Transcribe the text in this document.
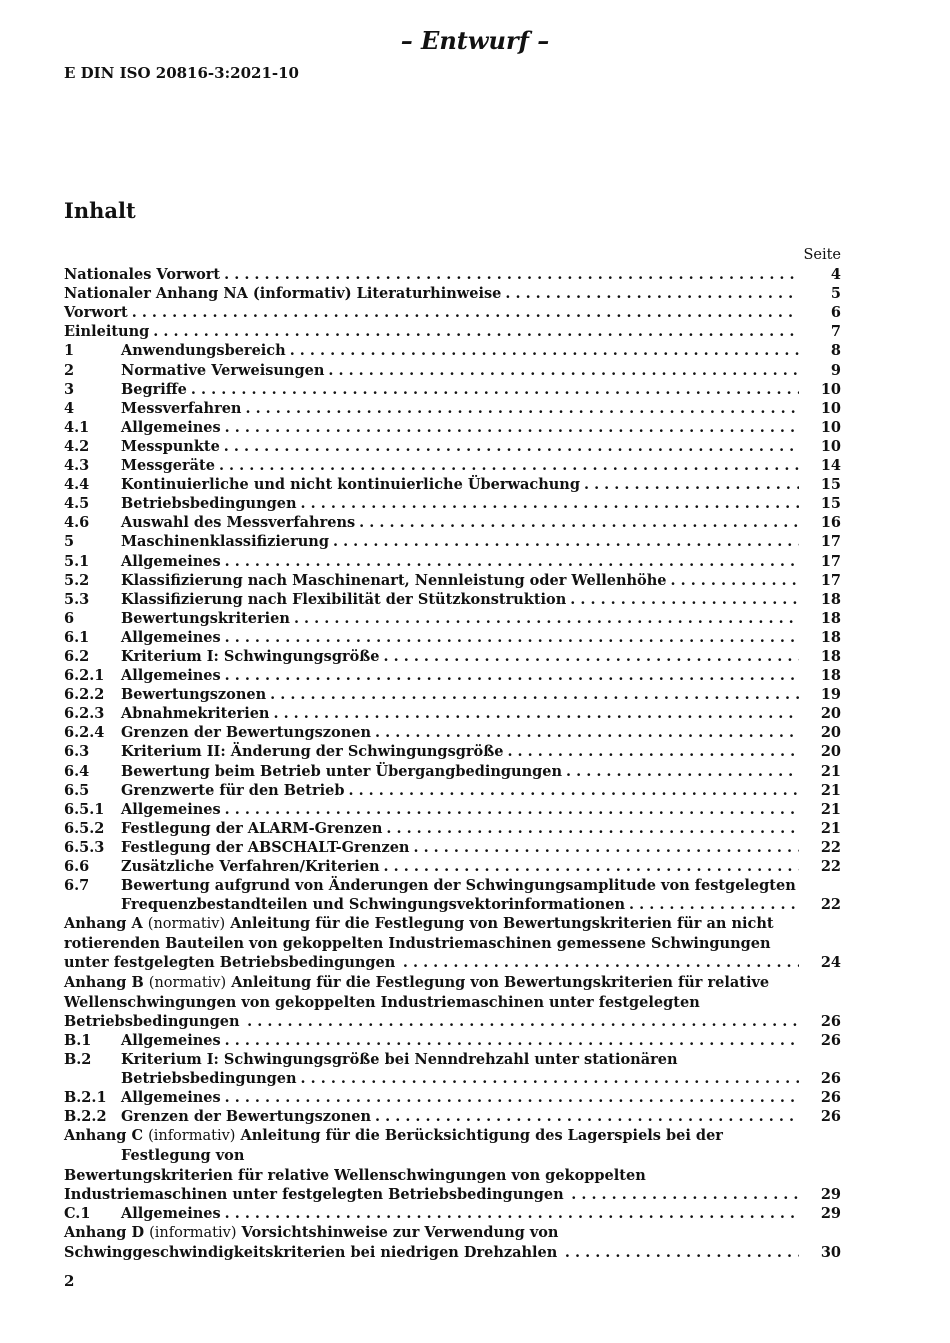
– Entwurf –
E DIN ISO 20816-3:2021-10
Inhalt
Seite
Nationales Vorwort . . .	4
Nationaler Anhang NA (informativ) Literaturhinweise . . .	5
Vorwort . . .	6
Einleitung . . .	7
1	Anwendungsbereich . . .	8
2	Normative Verweisungen . . .	9
3	Begriffe . . .	10
4	Messverfahren . . .	10
4.1 Allgemeines . . .	10
4.2 Messpunkte . . .	10
4.3 Messgeräte . . .	14
4.4 Kontinuierliche und nicht kontinuierliche Überwachung . . .	15
4.5 Betriebsbedingungen . . .	15
4.6 Auswahl des Messverfahrens . . .	16
5	Maschinenklassifizierung . . .	17
5.1 Allgemeines . . .	17
5.2 Klassifizierung nach Maschinenart, Nennleistung oder Wellenhöhe . . .	17
5.3 Klassifizierung nach Flexibilität der Stützkonstruktion . . .	18
6	Bewertungskriterien . . .	18
6.1 Allgemeines . . .	18
6.2 Kriterium I: Schwingungsgröße . . .	18
6.2.1 Allgemeines . . .	18
6.2.2 Bewertungszonen . . .	19
6.2.3 Abnahmekriterien . . .	20
6.2.4 Grenzen der Bewertungszonen . . .	20
6.3 Kriterium II: Änderung der Schwingungsgröße . . .	20
6.4 Bewertung beim Betrieb unter Übergangbedingungen . . .	21
6.5 Grenzwerte für den Betrieb . . .	21
6.5.1 Allgemeines . . .	21
6.5.2 Festlegung der ALARM-Grenzen . . .	21
6.5.3 Festlegung der ABSCHALT-Grenzen . . .	22
6.6 Zusätzliche Verfahren/Kriterien . . .	22
6.7 Bewertung aufgrund von Änderungen der Schwingungsamplitude von festgelegten
Frequenzbestandteilen und Schwingungsvektorinformationen . . .	22
Anhang A (normativ) Anleitung für die Festlegung von Bewertungskriterien für an nicht
rotierenden Bauteilen von gekoppelten Industriemaschinen gemessene Schwingungen
unter festgelegten Betriebsbedingungen . . .	24
Anhang B (normativ) Anleitung für die Festlegung von Bewertungskriterien für relative
Wellenschwingungen von gekoppelten Industriemaschinen unter festgelegten
Betriebsbedingungen . . .	26
B.1 Allgemeines . . .	26
B.2 Kriterium I: Schwingungsgröße bei Nenndrehzahl unter stationären
Betriebsbedingungen . . .	26
B.2.1 Allgemeines . . .	26
B.2.2 Grenzen der Bewertungszonen . . .	26
Anhang C (informativ) Anleitung für die Berücksichtigung des Lagerspiels bei der Festlegung von
Bewertungskriterien für relative Wellenschwingungen von gekoppelten
Industriemaschinen unter festgelegten Betriebsbedingungen . . .	29
C.1 Allgemeines . . .	29
Anhang D (informativ) Vorsichtshinweise zur Verwendung von
Schwinggeschwindigkeitskriterien bei niedrigen Drehzahlen . . .	30
2
